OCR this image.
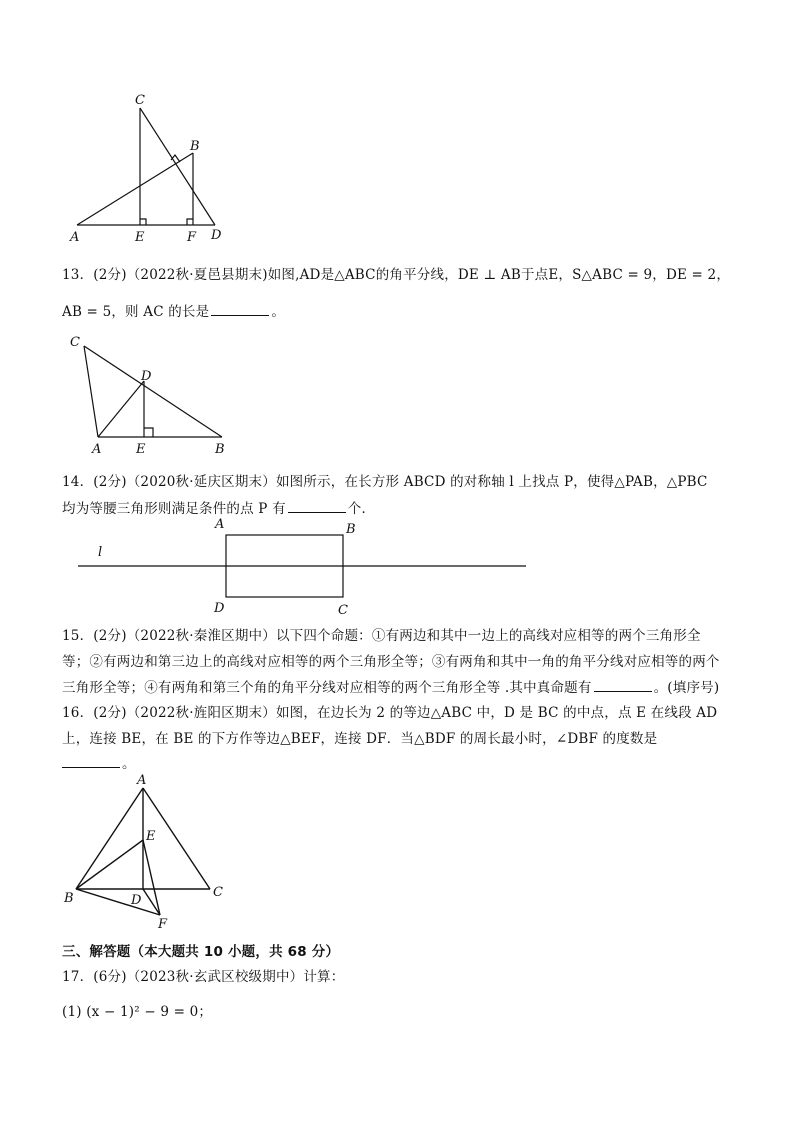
C
B
A	E	F D
13．(2分)（2022秋·夏邑县期末)如图,AD是△ABC的角平分线，DE ⊥ AB于点E，S△ABC = 9，DE = 2，
AB = 5，则 AC 的长是	。
C
D
A	E	B
14．(2分)（2020秋·延庆区期末）如图所示，在长方形 ABCD 的对称轴 l 上找点 P，使得△PAB，△PBC
均为等腰三角形则满足条件的点 P 有	个．
A	B
l
D	C
15．(2分)（2022秋·秦淮区期中）以下四个命题：①有两边和其中一边上的高线对应相等的两个三角形全
等；②有两边和第三边上的高线对应相等的两个三角形全等；③有两角和其中一角的角平分线对应相等的两个
三角形全等；④有两角和第三个角的角平分线对应相等的两个三角形全等 .其中真命题有	。(填序号)
16．(2分)（2022秋·旌阳区期末）如图，在边长为 2 的等边△ABC 中，D 是 BC 的中点，点 E 在线段 AD
上，连接 BE，在 BE 的下方作等边△BEF，连接 DF．当△BDF 的周长最小时，∠DBF 的度数是
。
A
E
B	D
C
F
三、解答题（本大题共 10 小题，共 68 分）
17．(6分)（2023秋·玄武区校级期中）计算：
(1) (x − 1)² − 9 = 0；
